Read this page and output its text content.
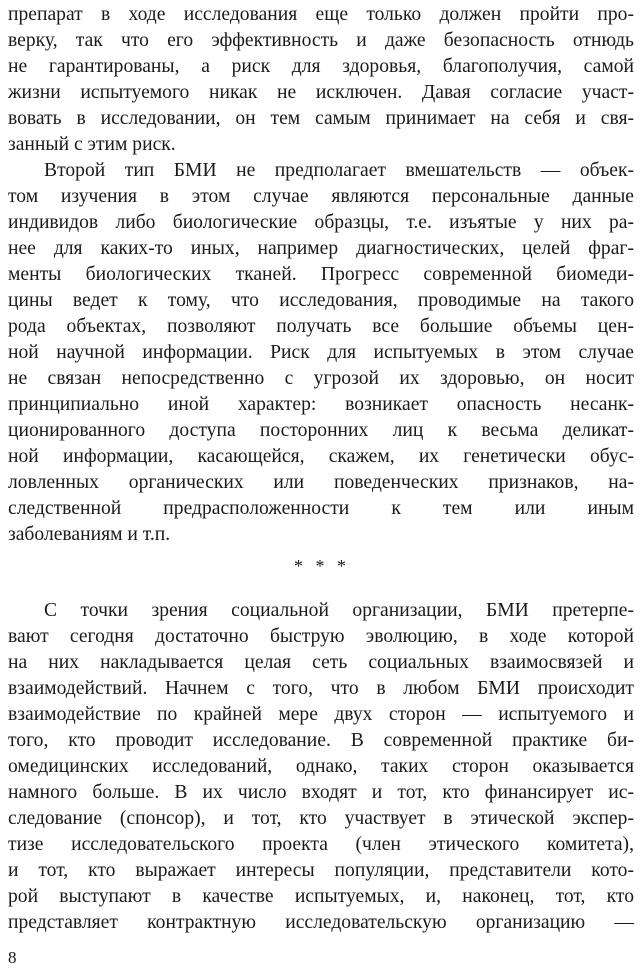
препарат в ходе исследования еще только должен пройти про-
верку, так что его эффективность и даже безопасность отнюдь
не гарантированы, а риск для здоровья, благополучия, самой
жизни испытуемого никак не исключен. Давая согласие участ-
вовать в исследовании, он тем самым принимает на себя и свя-
занный с этим риск.
Второй тип БМИ не предполагает вмешательств — объек-
том изучения в этом случае являются персональные данные
индивидов либо биологические образцы, т.е. изъятые у них ра-
нее для каких-то иных, например диагностических, целей фраг-
менты биологических тканей. Прогресс современной биомеди-
цины ведет к тому, что исследования, проводимые на такого
рода объектах, позволяют получать все большие объемы цен-
ной научной информации. Риск для испытуемых в этом случае
не связан непосредственно с угрозой их здоровью, он носит
принципиально иной характер: возникает опасность несанк-
ционированного доступа посторонних лиц к весьма деликат-
ной информации, касающейся, скажем, их генетически обус-
ловленных органических или поведенческих признаков, на-
следственной предрасположенности к тем или иным
заболеваниям и т.п.
* * *
С точки зрения социальной организации, БМИ претерпе-
вают сегодня достаточно быструю эволюцию, в ходе которой
на них накладывается целая сеть социальных взаимосвязей и
взаимодействий. Начнем с того, что в любом БМИ происходит
взаимодействие по крайней мере двух сторон — испытуемого и
того, кто проводит исследование. В современной практике би-
омедицинских исследований, однако, таких сторон оказывается
намного больше. В их число входят и тот, кто финансирует ис-
следование (спонсор), и тот, кто участвует в этической экспер-
тизе исследовательского проекта (член этического комитета),
и тот, кто выражает интересы популяции, представители кото-
рой выступают в качестве испытуемых, и, наконец, тот, кто
представляет контрактную исследовательскую организацию —
8
